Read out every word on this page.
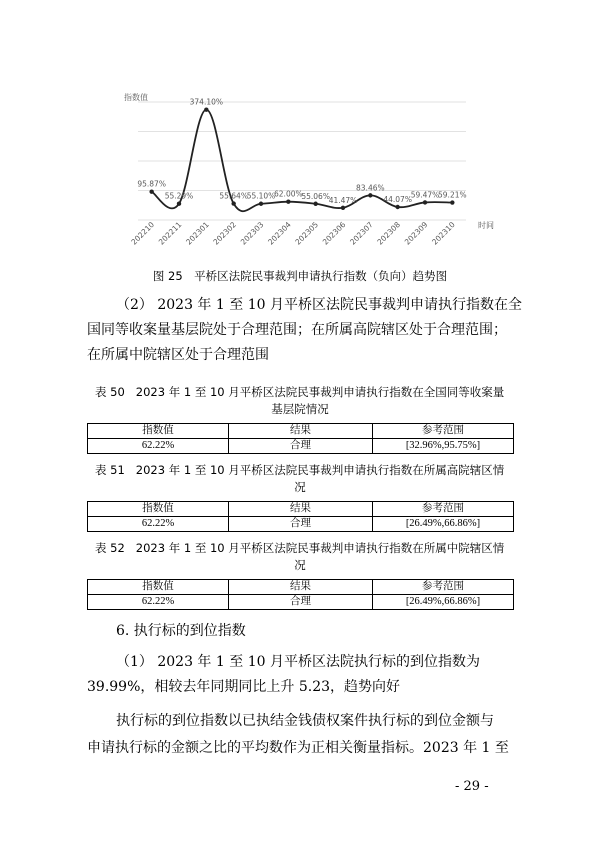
指数值
时间
95.87%
202210
55.29%
202211
374.10%
202301
55.64%
202302
55.10%
202303
62.00%
202304
55.06%
202305
41.47%
202306
83.46%
202307
44.07%
202308
59.47%
202309
59.21%
202310
图 25　平桥区法院民事裁判申请执行指数（负向）趋势图
（2） 2023 年 1 至 10 月平桥区法院民事裁判申请执行指数在全
国同等收案量基层院处于合理范围；在所属高院辖区处于合理范围；
在所属中院辖区处于合理范围
表 50 2023 年 1 至 10 月平桥区法院民事裁判申请执行指数在全国同等收案量
基层院情况
指数值	结果	参考范围
62.22%	合理	[32.96%,95.75%]
表 51 2023 年 1 至 10 月平桥区法院民事裁判申请执行指数在所属高院辖区情
况
指数值	结果	参考范围
62.22%	合理	[26.49%,66.86%]
表 52 2023 年 1 至 10 月平桥区法院民事裁判申请执行指数在所属中院辖区情
况
指数值	结果	参考范围
62.22%	合理	[26.49%,66.86%]
6. 执行标的到位指数
（1） 2023 年 1 至 10 月平桥区法院执行标的到位指数为
39.99%，相较去年同期同比上升 5.23，趋势向好
执行标的到位指数以已执结金钱债权案件执行标的到位金额与
申请执行标的金额之比的平均数作为正相关衡量指标。2023 年 1 至
- 29 -
